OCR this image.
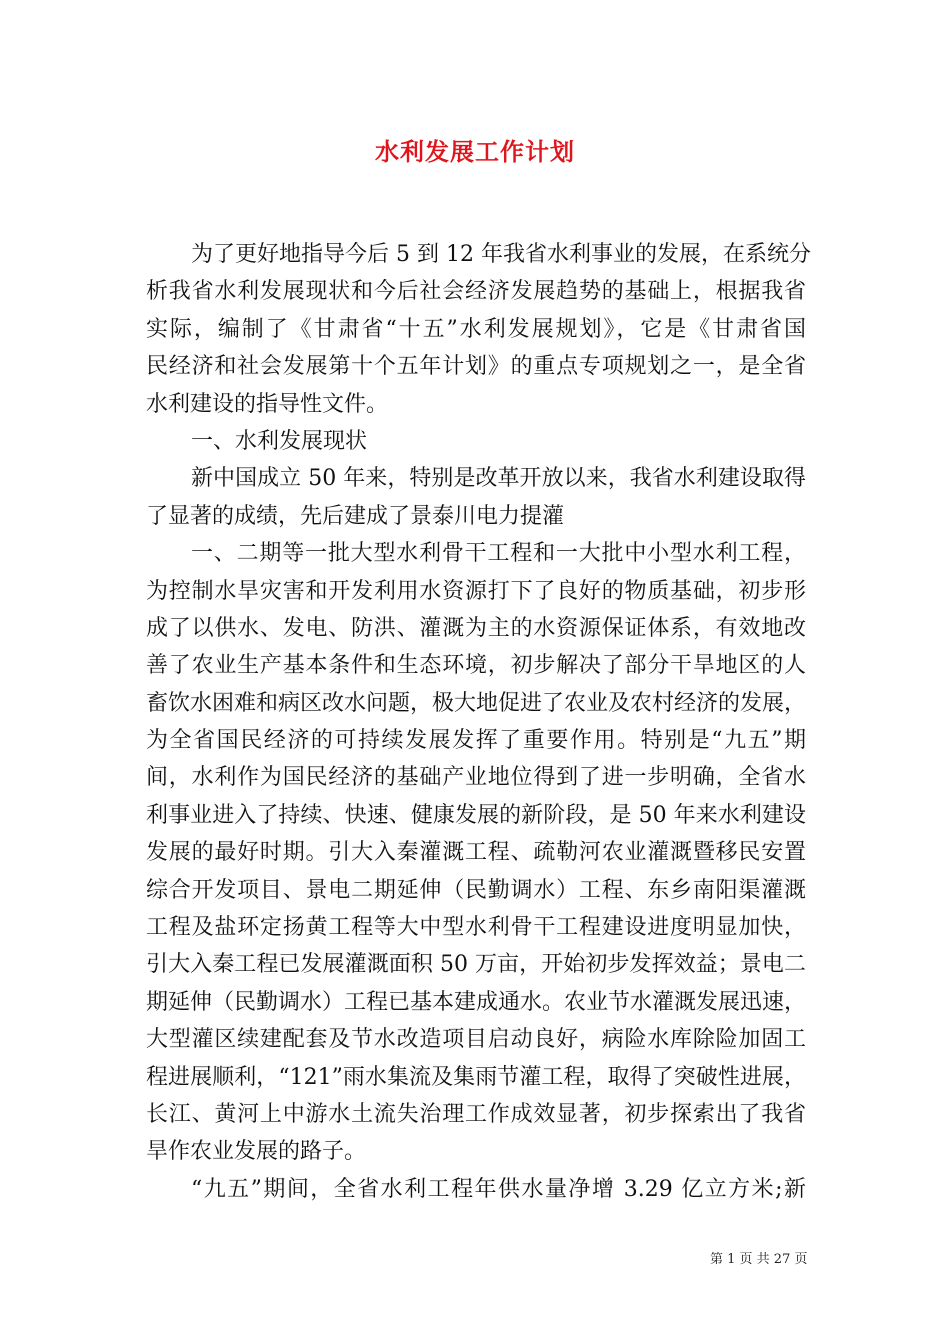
水利发展工作计划
为了更好地指导今后 5 到 12 年我省水利事业的发展，在系统分
析我省水利发展现状和今后社会经济发展趋势的基础上，根据我省
实际，编制了《甘肃省“十五”水利发展规划》，它是《甘肃省国
民经济和社会发展第十个五年计划》的重点专项规划之一，是全省
水利建设的指导性文件。
一、水利发展现状
新中国成立 50 年来，特别是改革开放以来，我省水利建设取得
了显著的成绩，先后建成了景泰川电力提灌
一、二期等一批大型水利骨干工程和一大批中小型水利工程，
为控制水旱灾害和开发利用水资源打下了良好的物质基础，初步形
成了以供水、发电、防洪、灌溉为主的水资源保证体系，有效地改
善了农业生产基本条件和生态环境，初步解决了部分干旱地区的人
畜饮水困难和病区改水问题，极大地促进了农业及农村经济的发展，
为全省国民经济的可持续发展发挥了重要作用。特别是“九五”期
间，水利作为国民经济的基础产业地位得到了进一步明确，全省水
利事业进入了持续、快速、健康发展的新阶段，是 50 年来水利建设
发展的最好时期。引大入秦灌溉工程、疏勒河农业灌溉暨移民安置
综合开发项目、景电二期延伸（民勤调水）工程、东乡南阳渠灌溉
工程及盐环定扬黄工程等大中型水利骨干工程建设进度明显加快，
引大入秦工程已发展灌溉面积 50 万亩，开始初步发挥效益；景电二
期延伸（民勤调水）工程已基本建成通水。农业节水灌溉发展迅速，
大型灌区续建配套及节水改造项目启动良好，病险水库除险加固工
程进展顺利，“121”雨水集流及集雨节灌工程，取得了突破性进展，
长江、黄河上中游水土流失治理工作成效显著，初步探索出了我省
旱作农业发展的路子。
“九五”期间，全省水利工程年供水量净增 3.29 亿立方米;新
第 1 页 共 27 页
